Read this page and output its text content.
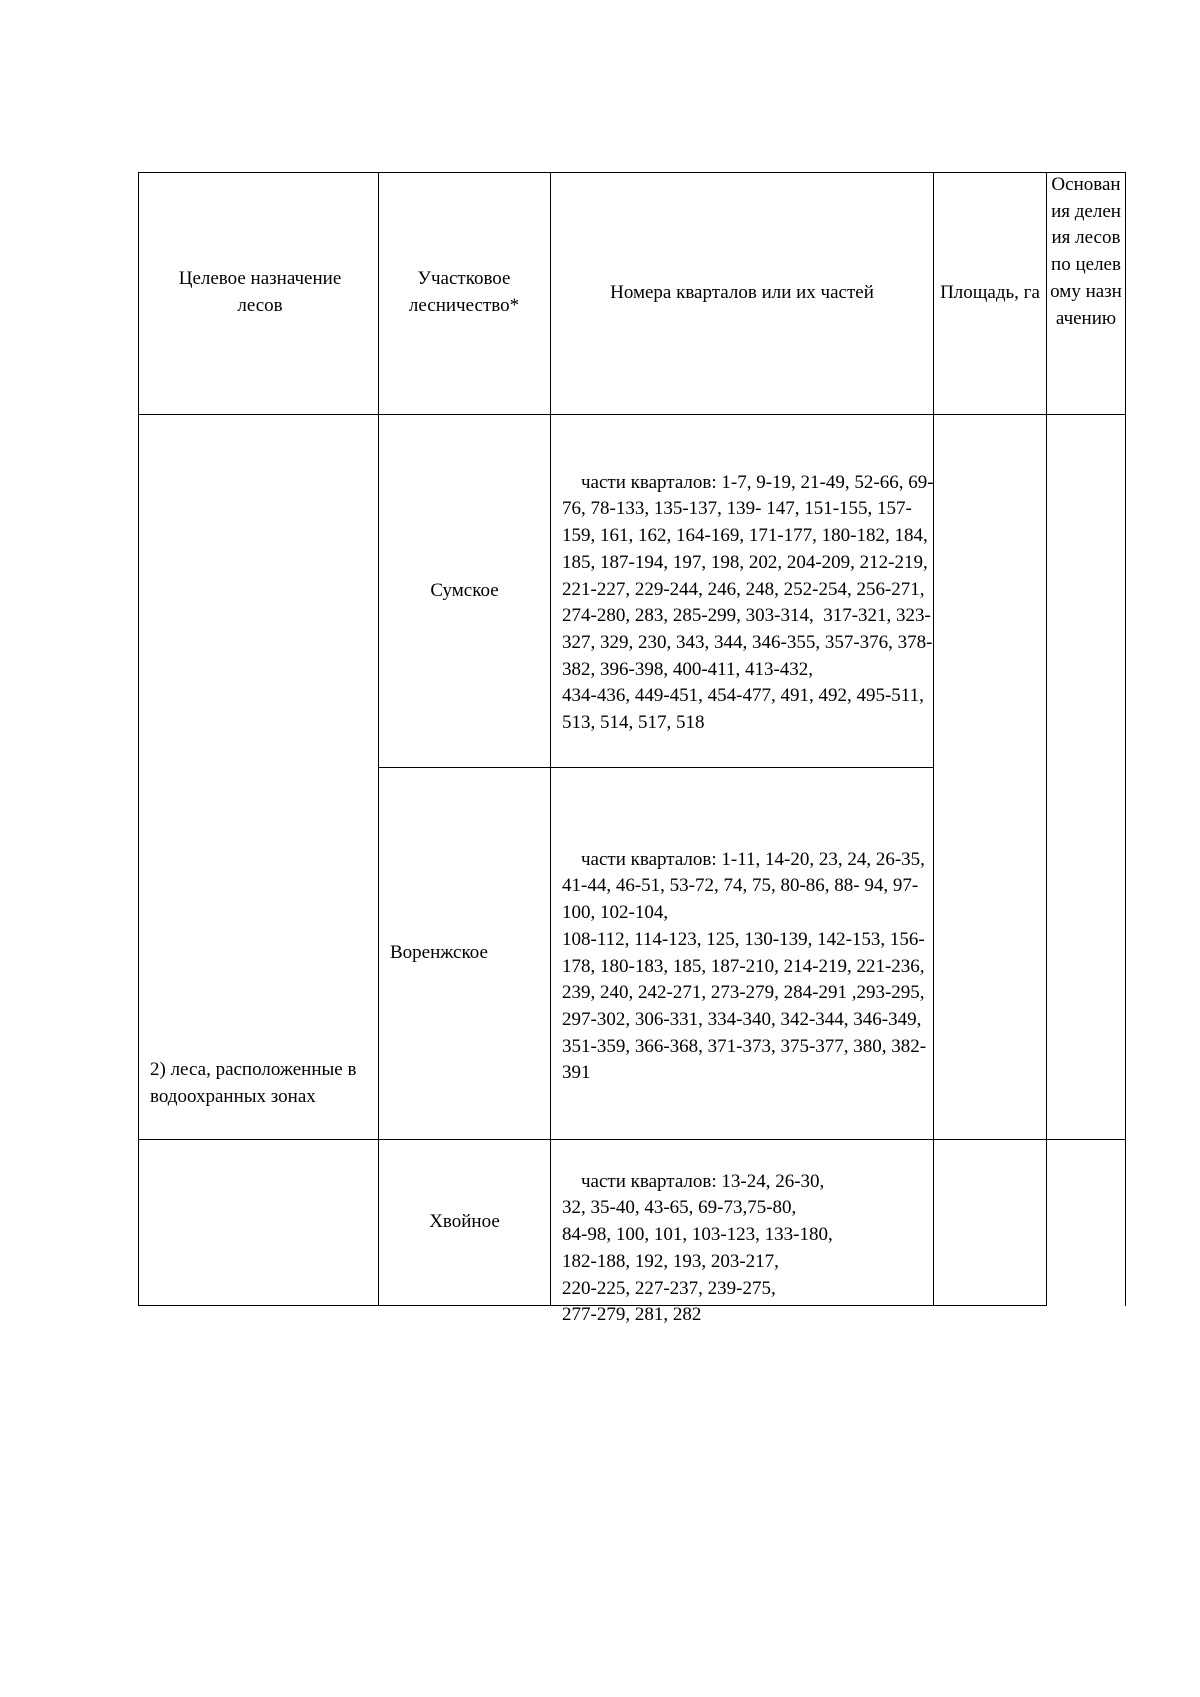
Целевое назначение лесов
Участковое лесничество*
Номера кварталов или их частей	Площадь, га
Основания деления лесов по целевому назначению
2) леса, расположенные в водоохранных зонах
Сумское

части кварталов: 1-7, 9-19, 21-49, 52-66, 69-76, 78-133, 135-137, 139- 147, 151-155, 157-159, 161, 162, 164-169, 171-177, 180-182, 184, 185, 187-194, 197, 198, 202, 204-209, 212-219, 221-227, 229-244, 246, 248, 252-254, 256-271, 274-280, 283, 285-299, 303-314,  317-321, 323-327, 329, 230, 343, 344, 346-355, 357-376, 378-382, 396-398, 400-411, 413-432,
434-436, 449-451, 454-477, 491, 492, 495-511, 513, 514, 517, 518

Воренжское

части кварталов: 1-11, 14-20, 23, 24, 26-35, 41-44, 46-51, 53-72, 74, 75, 80-86, 88- 94, 97-100, 102-104,
108-112, 114-123, 125, 130-139, 142-153, 156-178, 180-183, 185, 187-210, 214-219, 221-236,  239, 240, 242-271, 273-279, 284-291 ,293-295, 297-302, 306-331, 334-340, 342-344, 346-349,
351-359, 366-368, 371-373, 375-377, 380, 382-391

Хвойное

части кварталов: 13-24, 26-30,
32, 35-40, 43-65, 69-73,75-80,
84-98, 100, 101, 103-123, 133-180,
182-188, 192, 193, 203-217,
220-225, 227-237, 239-275,
277-279, 281, 282
